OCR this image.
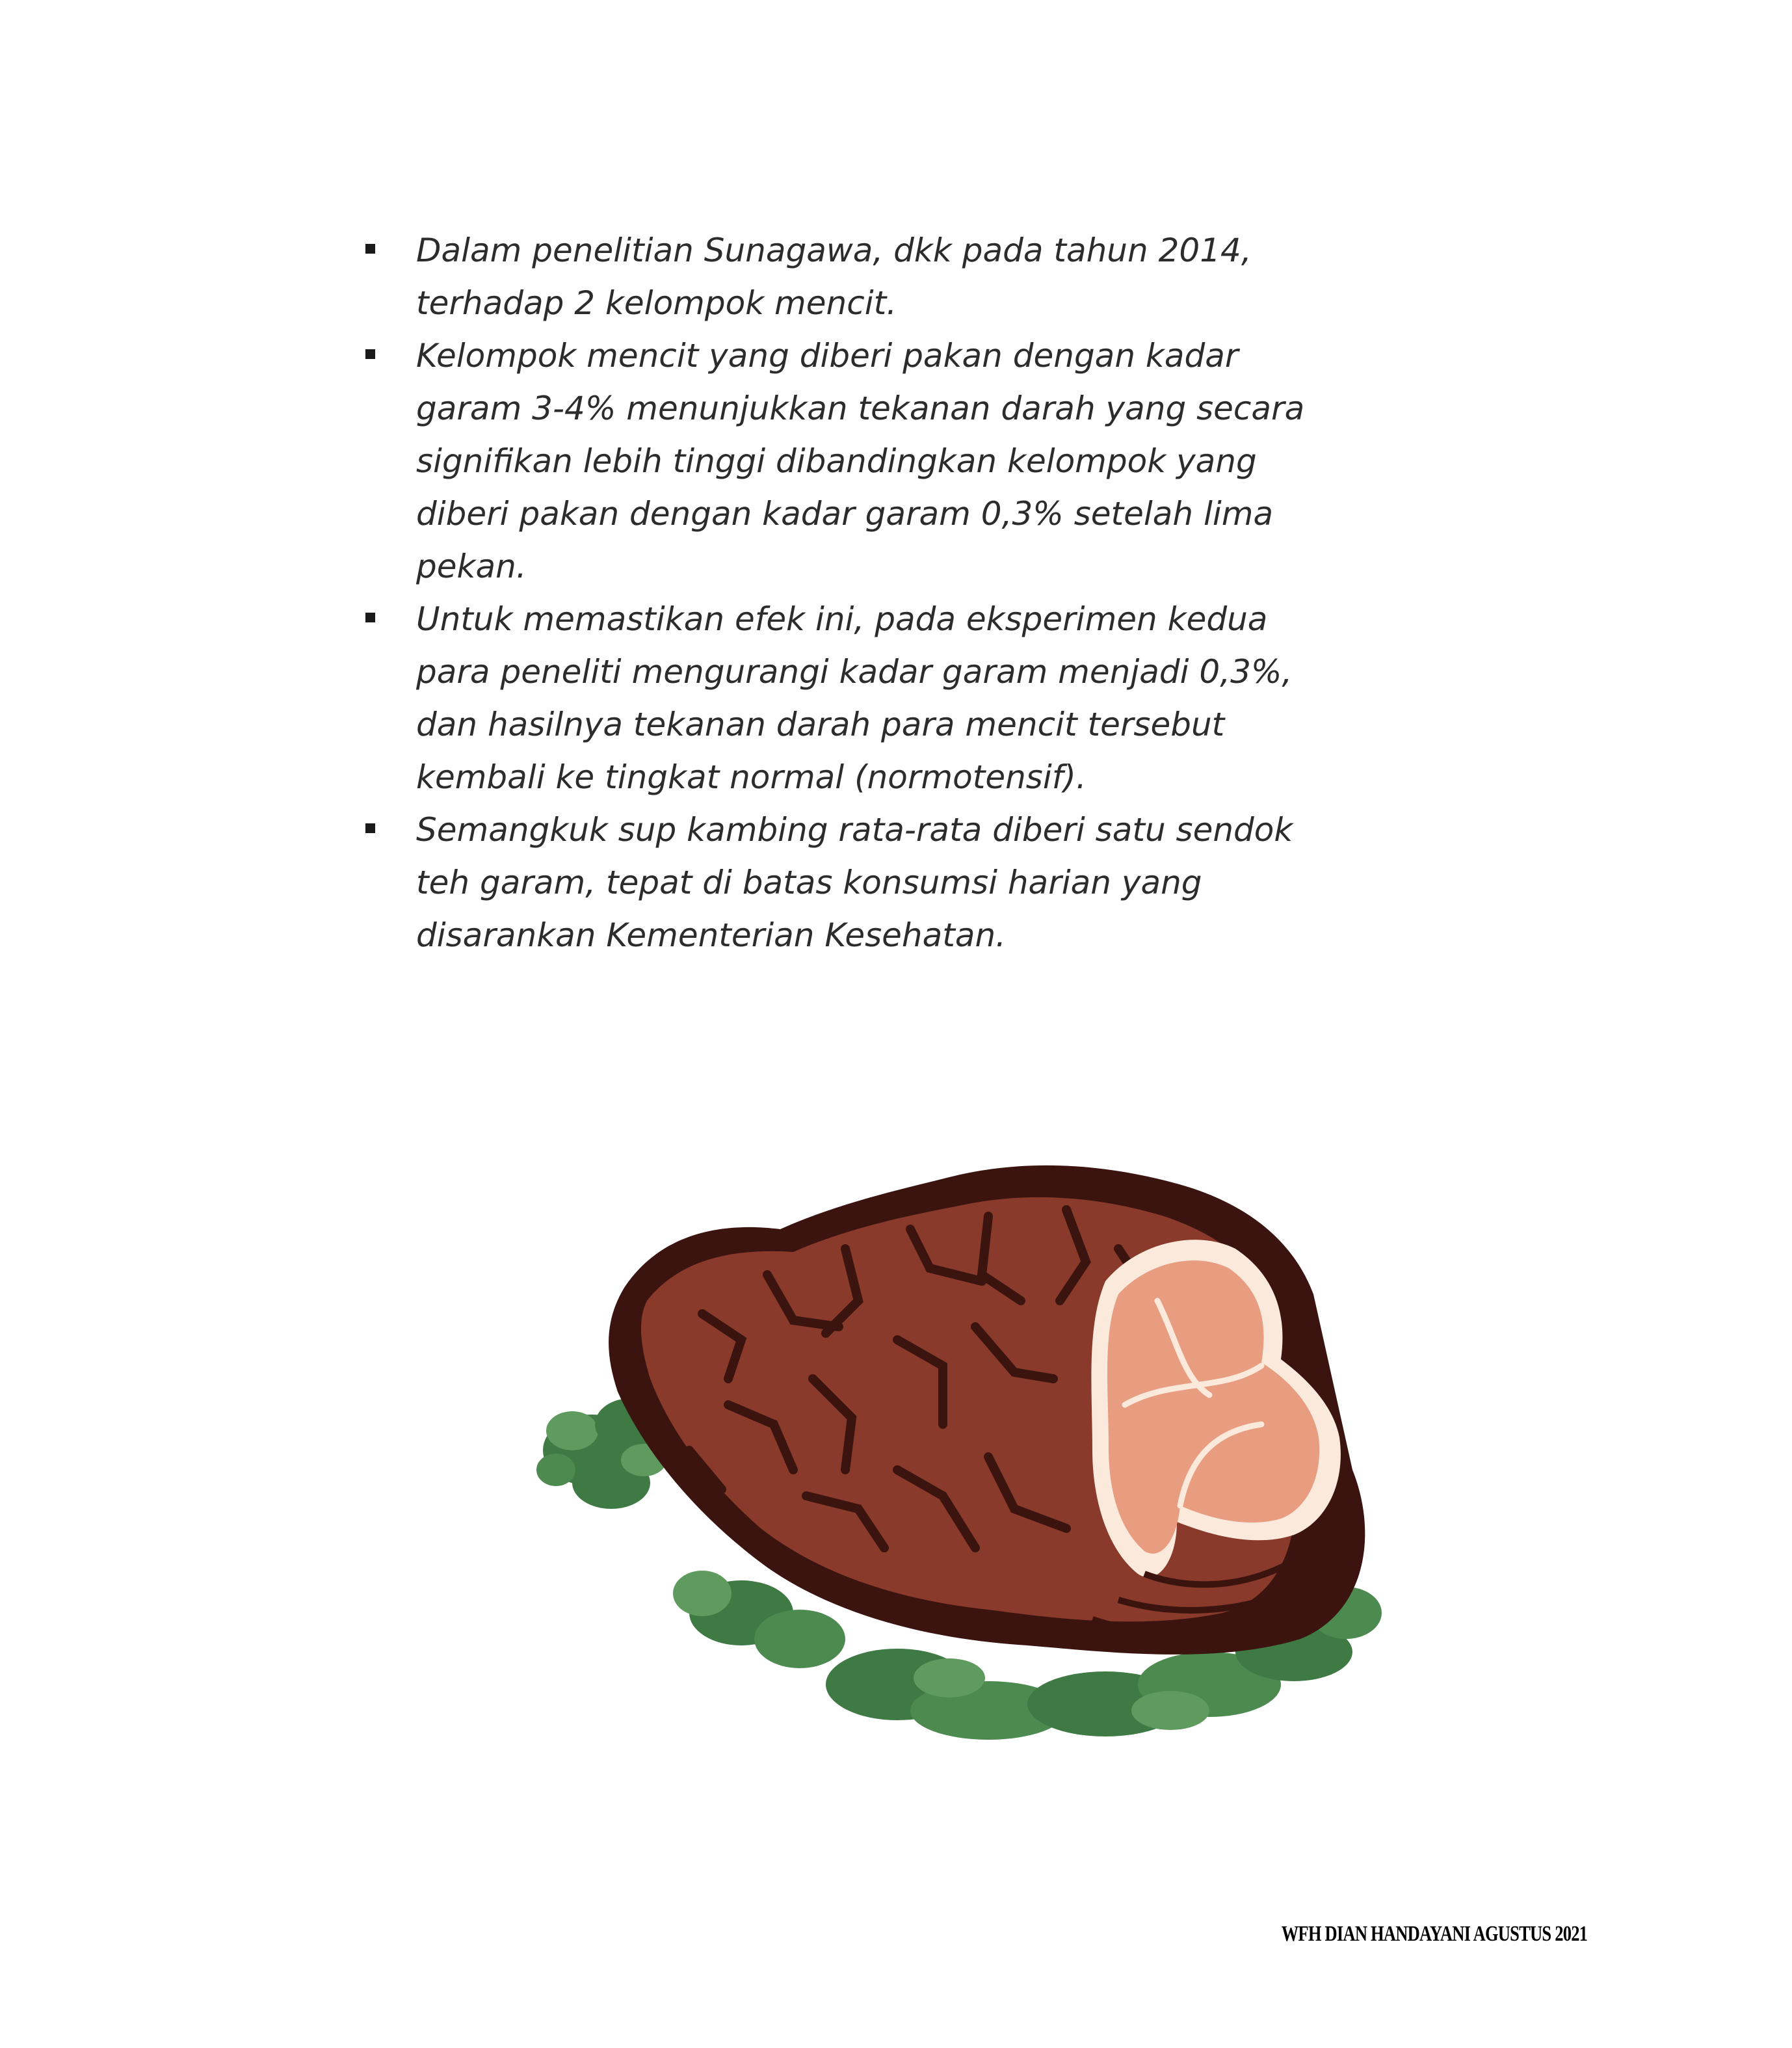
Dalam penelitian Sunagawa, dkk pada tahun 2014, terhadap 2 kelompok mencit.
Kelompok mencit yang diberi pakan dengan kadar garam 3-4% menunjukkan tekanan darah yang secara signifikan lebih tinggi dibandingkan kelompok yang diberi pakan dengan kadar garam 0,3% setelah lima pekan.
Untuk memastikan efek ini, pada eksperimen kedua para peneliti mengurangi kadar garam menjadi 0,3%, dan hasilnya tekanan darah para mencit tersebut kembali ke tingkat normal (normotensif).
Semangkuk sup kambing rata-rata diberi satu sendok teh garam, tepat di batas konsumsi harian yang disarankan Kementerian Kesehatan.
WFH DIAN HANDAYANI AGUSTUS 2021
